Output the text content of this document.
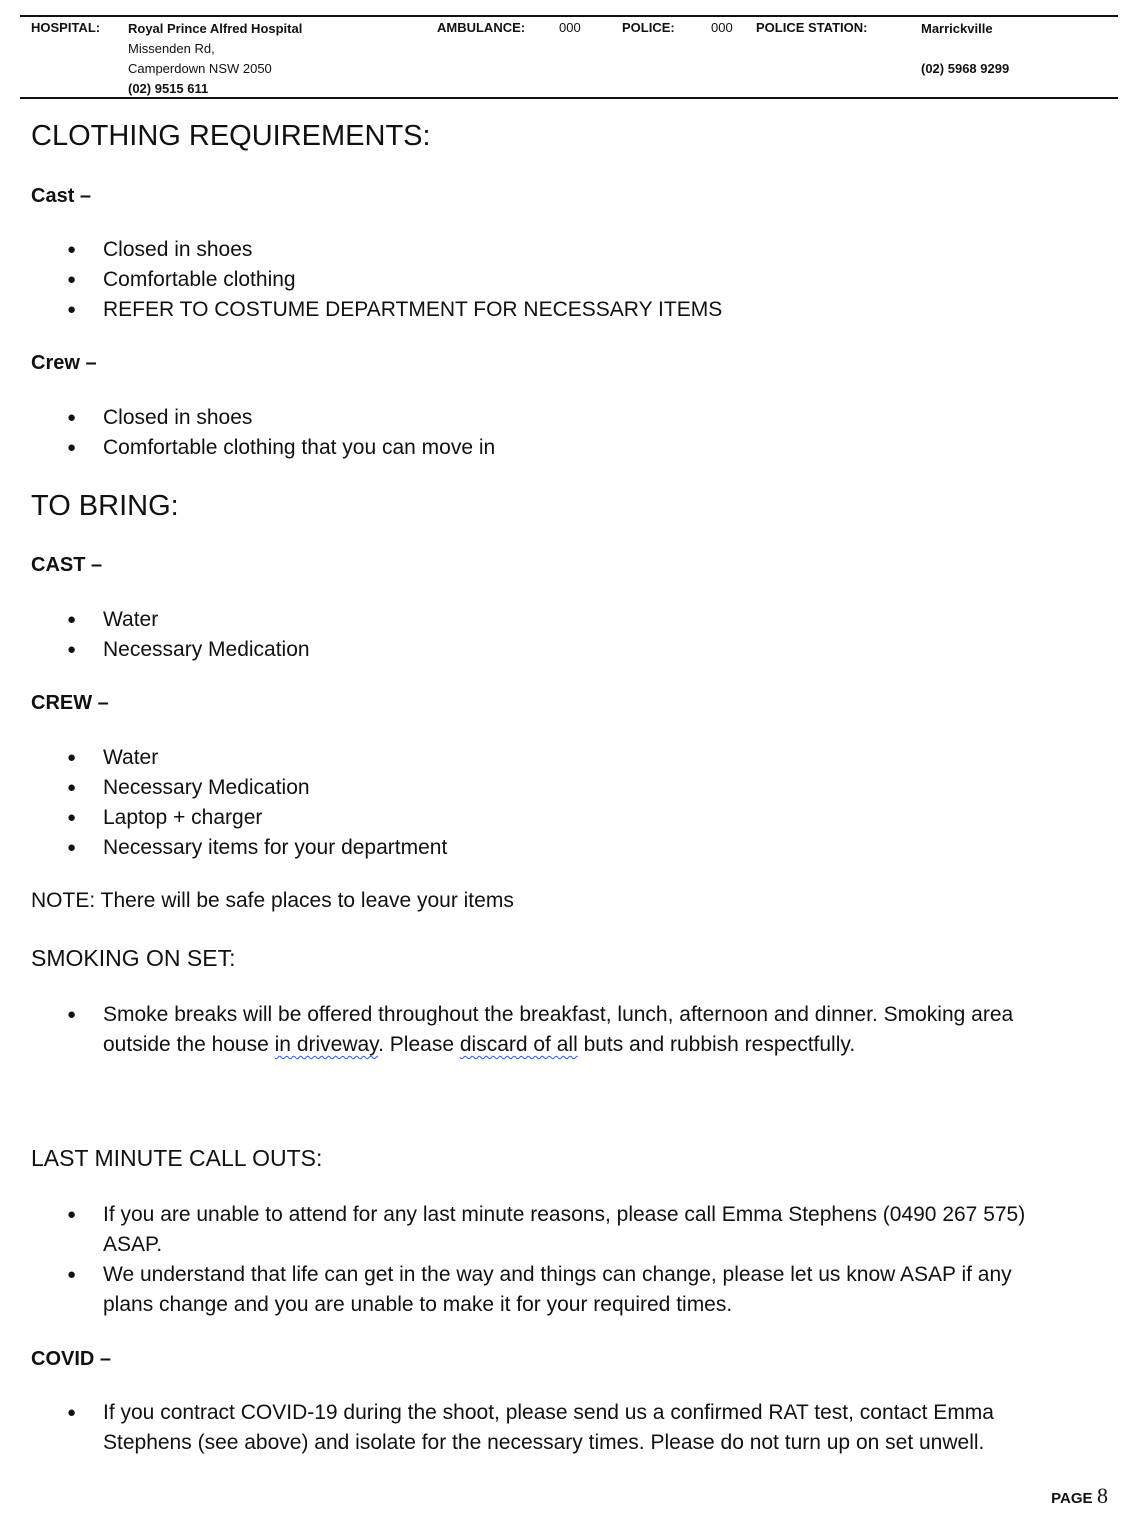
HOSPITAL: Royal Prince Alfred Hospital
Missenden Rd,
Camperdown NSW 2050
(02) 9515 611
AMBULANCE:	000	POLICE:	000 POLICE STATION:	Marrickville

(02) 5968 9299
CLOTHING REQUIREMENTS:
Cast –
● Closed in shoes
● Comfortable clothing
● REFER TO COSTUME DEPARTMENT FOR NECESSARY ITEMS
Crew –
● Closed in shoes
● Comfortable clothing that you can move in
TO BRING:
CAST –
● Water
● Necessary Medication
CREW –
● Water
● Necessary Medication
● Laptop + charger
● Necessary items for your department
NOTE: There will be safe places to leave your items
SMOKING ON SET:
● Smoke breaks will be offered throughout the breakfast, lunch, afternoon and dinner. Smoking area
outside the house in driveway. Please discard of all buts and rubbish respectfully.
LAST MINUTE CALL OUTS:
● If you are unable to attend for any last minute reasons, please call Emma Stephens (0490 267 575)
ASAP.
● We understand that life can get in the way and things can change, please let us know ASAP if any
plans change and you are unable to make it for your required times.
COVID –
● If you contract COVID-19 during the shoot, please send us a confirmed RAT test, contact Emma
Stephens (see above) and isolate for the necessary times. Please do not turn up on set unwell.
PAGE 8
